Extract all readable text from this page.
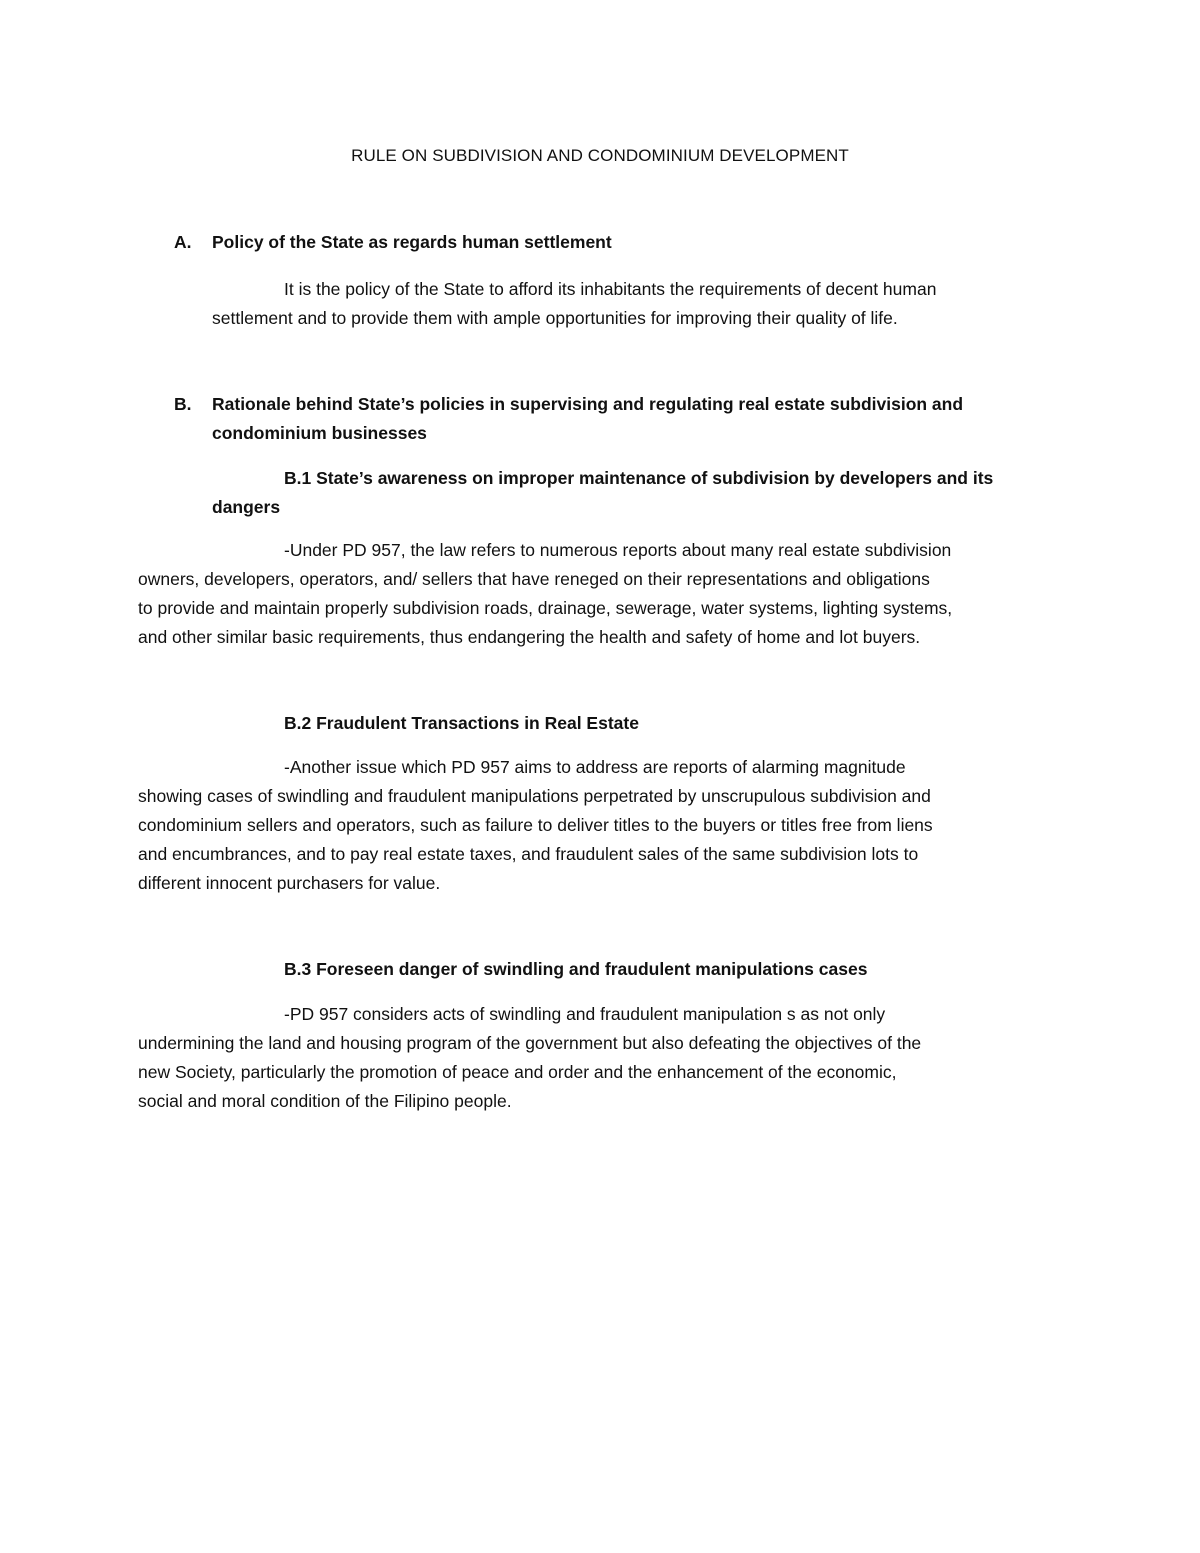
RULE ON SUBDIVISION AND CONDOMINIUM DEVELOPMENT
A. Policy of the State as regards human settlement
It is the policy of the State to afford its inhabitants the requirements of decent human
settlement and to provide them with ample opportunities for improving their quality of life.
B. Rationale behind State’s policies in supervising and regulating real estate subdivision and
condominium businesses
B.1 State’s awareness on improper maintenance of subdivision by developers and its
dangers
-Under PD 957, the law refers to numerous reports about many real estate subdivision
owners, developers, operators, and/ sellers that have reneged on their representations and obligations
to provide and maintain properly subdivision roads, drainage, sewerage, water systems, lighting systems,
and other similar basic requirements, thus endangering the health and safety of home and lot buyers.
B.2 Fraudulent Transactions in Real Estate
-Another issue which PD 957 aims to address are reports of alarming magnitude
showing cases of swindling and fraudulent manipulations perpetrated by unscrupulous subdivision and
condominium sellers and operators, such as failure to deliver titles to the buyers or titles free from liens
and encumbrances, and to pay real estate taxes, and fraudulent sales of the same subdivision lots to
different innocent purchasers for value.
B.3 Foreseen danger of swindling and fraudulent manipulations cases
-PD 957 considers acts of swindling and fraudulent manipulation s as not only
undermining the land and housing program of the government but also defeating the objectives of the
new Society, particularly the promotion of peace and order and the enhancement of the economic,
social and moral condition of the Filipino people.
